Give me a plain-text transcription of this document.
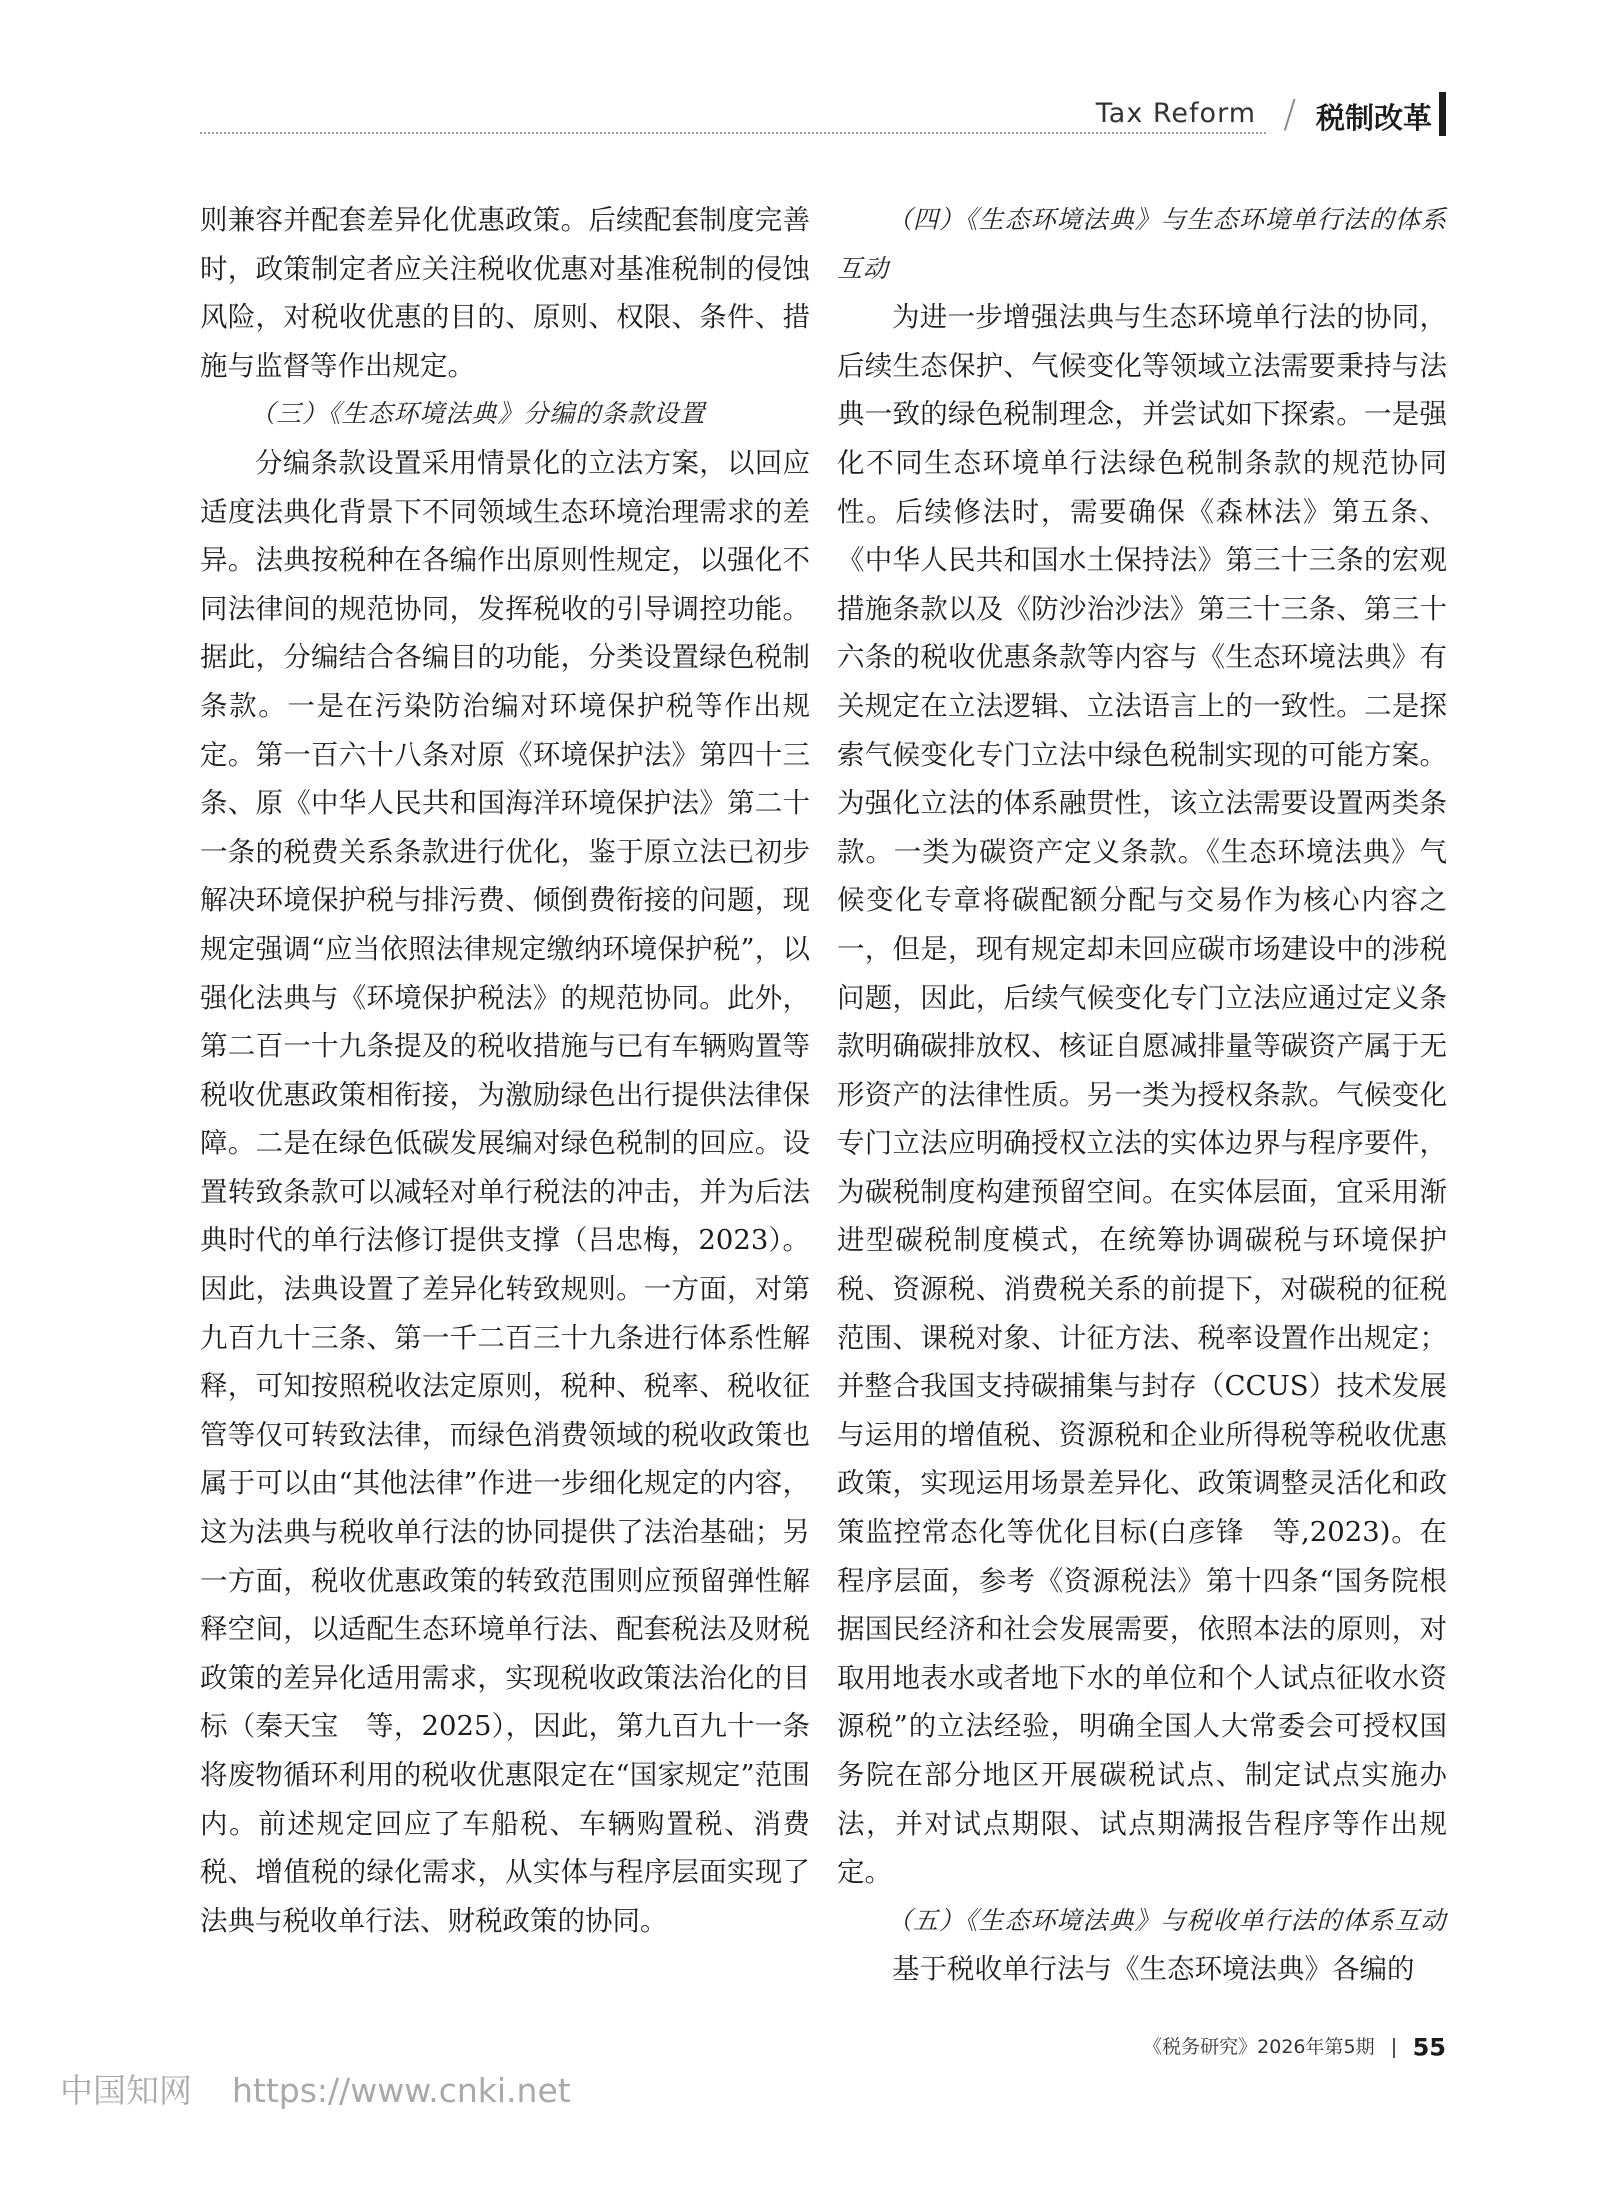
Tax Reform / 税制改革

则兼容并配套差异化优惠政策。后续配套制度完善时，政策制定者应关注税收优惠对基准税制的侵蚀风险，对税收优惠的目的、原则、权限、条件、措施与监督等作出规定。

（三）《生态环境法典》分编的条款设置

分编条款设置采用情景化的立法方案，以回应适度法典化背景下不同领域生态环境治理需求的差异。法典按税种在各编作出原则性规定，以强化不同法律间的规范协同，发挥税收的引导调控功能。据此，分编结合各编目的功能，分类设置绿色税制条款。一是在污染防治编对环境保护税等作出规定。第一百六十八条对原《环境保护法》第四十三条、原《中华人民共和国海洋环境保护法》第二十一条的税费关系条款进行优化，鉴于原立法已初步解决环境保护税与排污费、倾倒费衔接的问题，现规定强调“应当依照法律规定缴纳环境保护税”，以强化法典与《环境保护税法》的规范协同。此外，第二百一十九条提及的税收措施与已有车辆购置等税收优惠政策相衔接，为激励绿色出行提供法律保障。二是在绿色低碳发展编对绿色税制的回应。设置转致条款可以减轻对单行税法的冲击，并为后法典时代的单行法修订提供支撑（吕忠梅，2023）。因此，法典设置了差异化转致规则。一方面，对第九百九十三条、第一千二百三十九条进行体系性解释，可知按照税收法定原则，税种、税率、税收征管等仅可转致法律，而绿色消费领域的税收政策也属于可以由“其他法律”作进一步细化规定的内容，这为法典与税收单行法的协同提供了法治基础；另一方面，税收优惠政策的转致范围则应预留弹性解释空间，以适配生态环境单行法、配套税法及财税政策的差异化适用需求，实现税收政策法治化的目标（秦天宝　等，2025），因此，第九百九十一条将废物循环利用的税收优惠限定在“国家规定”范围内。前述规定回应了车船税、车辆购置税、消费税、增值税的绿化需求，从实体与程序层面实现了法典与税收单行法、财税政策的协同。

（四）《生态环境法典》与生态环境单行法的体系互动

为进一步增强法典与生态环境单行法的协同，后续生态保护、气候变化等领域立法需要秉持与法典一致的绿色税制理念，并尝试如下探索。一是强化不同生态环境单行法绿色税制条款的规范协同性。后续修法时，需要确保《森林法》第五条、《中华人民共和国水土保持法》第三十三条的宏观措施条款以及《防沙治沙法》第三十三条、第三十六条的税收优惠条款等内容与《生态环境法典》有关规定在立法逻辑、立法语言上的一致性。二是探索气候变化专门立法中绿色税制实现的可能方案。为强化立法的体系融贯性，该立法需要设置两类条款。一类为碳资产定义条款。《生态环境法典》气候变化专章将碳配额分配与交易作为核心内容之一，但是，现有规定却未回应碳市场建设中的涉税问题，因此，后续气候变化专门立法应通过定义条款明确碳排放权、核证自愿减排量等碳资产属于无形资产的法律性质。另一类为授权条款。气候变化专门立法应明确授权立法的实体边界与程序要件，为碳税制度构建预留空间。在实体层面，宜采用渐进型碳税制度模式，在统筹协调碳税与环境保护税、资源税、消费税关系的前提下，对碳税的征税范围、课税对象、计征方法、税率设置作出规定；并整合我国支持碳捕集与封存（CCUS）技术发展与运用的增值税、资源税和企业所得税等税收优惠政策，实现运用场景差异化、政策调整灵活化和政策监控常态化等优化目标(白彦锋　等,2023)。在程序层面，参考《资源税法》第十四条“国务院根据国民经济和社会发展需要，依照本法的原则，对取用地表水或者地下水的单位和个人试点征收水资源税”的立法经验，明确全国人大常委会可授权国务院在部分地区开展碳税试点、制定试点实施办法，并对试点期限、试点期满报告程序等作出规定。

（五）《生态环境法典》与税收单行法的体系互动

基于税收单行法与《生态环境法典》各编的

《税务研究》2026年第5期 55
中国知网 https://www.cnki.net
